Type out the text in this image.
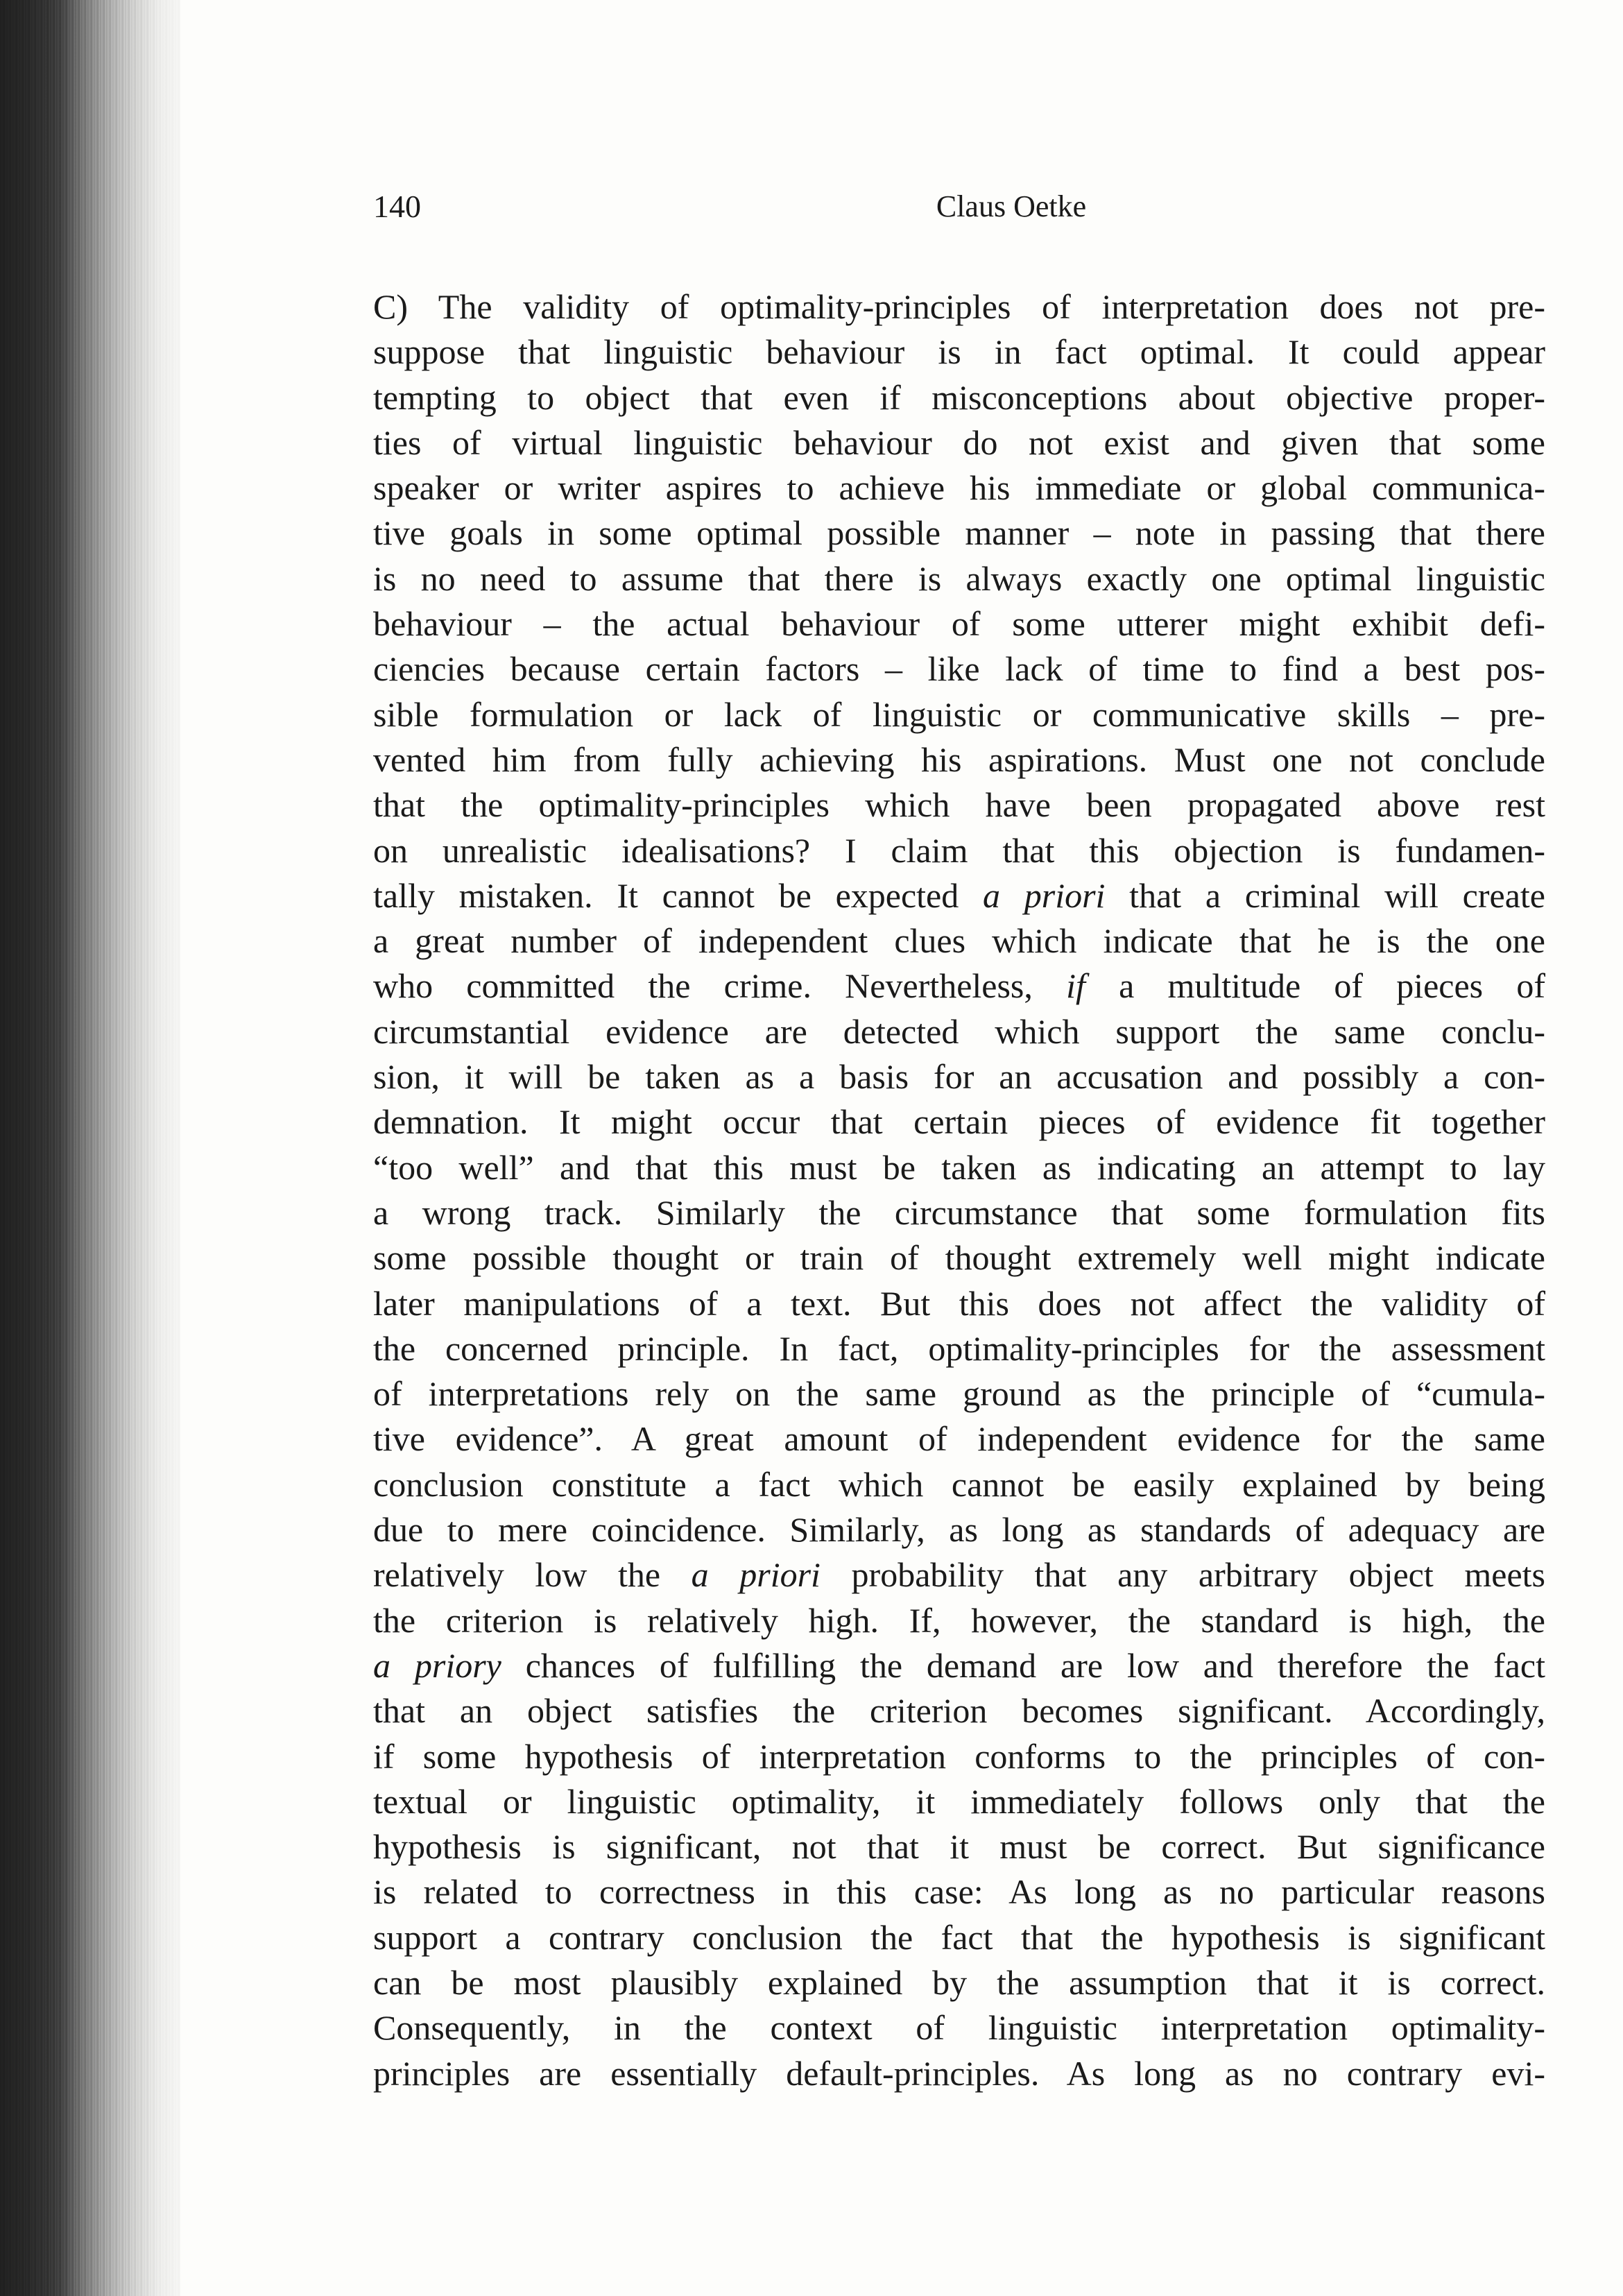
140	Claus Oetke
C) The validity of optimality-principles of interpretation does not pre-
suppose that linguistic behaviour is in fact optimal. It could appear
tempting to object that even if misconceptions about objective proper-
ties of virtual linguistic behaviour do not exist and given that some
speaker or writer aspires to achieve his immediate or global communica-
tive goals in some optimal possible manner – note in passing that there
is no need to assume that there is always exactly one optimal linguistic
behaviour – the actual behaviour of some utterer might exhibit defi-
ciencies because certain factors – like lack of time to find a best pos-
sible formulation or lack of linguistic or communicative skills – pre-
vented him from fully achieving his aspirations. Must one not conclude
that the optimality-principles which have been propagated above rest
on unrealistic idealisations? I claim that this objection is fundamen-
tally mistaken. It cannot be expected a priori that a criminal will create
a great number of independent clues which indicate that he is the one
who committed the crime. Nevertheless, if a multitude of pieces of
circumstantial evidence are detected which support the same conclu-
sion, it will be taken as a basis for an accusation and possibly a con-
demnation. It might occur that certain pieces of evidence fit together
“too well” and that this must be taken as indicating an attempt to lay
a wrong track. Similarly the circumstance that some formulation fits
some possible thought or train of thought extremely well might indicate
later manipulations of a text. But this does not affect the validity of
the concerned principle. In fact, optimality-principles for the assessment
of interpretations rely on the same ground as the principle of “cumula-
tive evidence”. A great amount of independent evidence for the same
conclusion constitute a fact which cannot be easily explained by being
due to mere coincidence. Similarly, as long as standards of adequacy are
relatively low the a priori probability that any arbitrary object meets
the criterion is relatively high. If, however, the standard is high, the
a priory chances of fulfilling the demand are low and therefore the fact
that an object satisfies the criterion becomes significant. Accordingly,
if some hypothesis of interpretation conforms to the principles of con-
textual or linguistic optimality, it immediately follows only that the
hypothesis is significant, not that it must be correct. But significance
is related to correctness in this case: As long as no particular reasons
support a contrary conclusion the fact that the hypothesis is significant
can be most plausibly explained by the assumption that it is correct.
Consequently, in the context of linguistic interpretation optimality-
principles are essentially default-principles. As long as no contrary evi-
